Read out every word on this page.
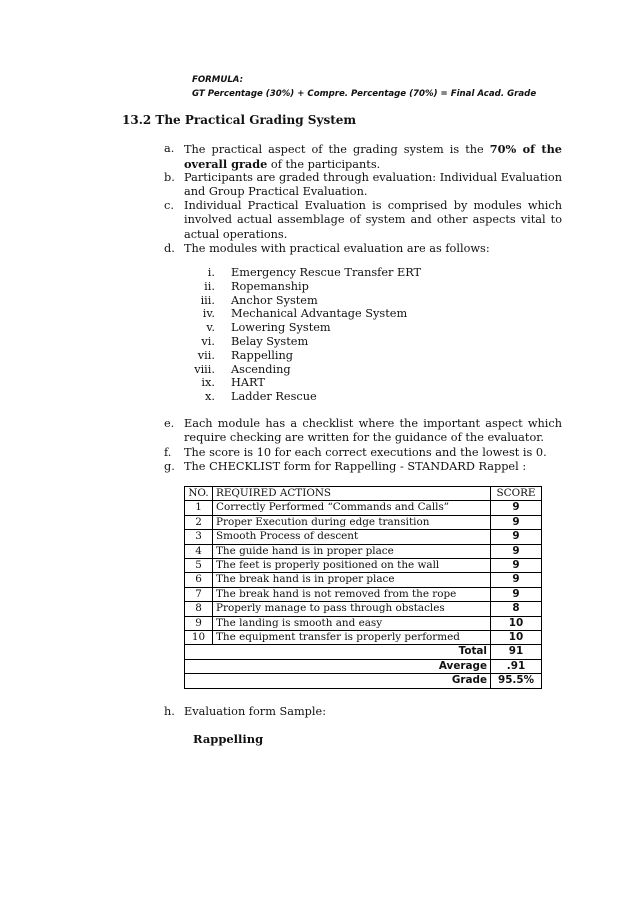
FORMULA:
GT Percentage (30%) + Compre. Percentage (70%) = Final Acad. Grade
13.2 The Practical Grading System
a. The practical aspect of the grading system is the 70% of the overall grade of the participants.
b. Participants are graded through evaluation: Individual Evaluation and Group Practical Evaluation.
c. Individual Practical Evaluation is comprised by modules which involved actual assemblage of system and other aspects vital to actual operations.
d. The modules with practical evaluation are as follows:
i. Emergency Rescue Transfer ERT
ii. Ropemanship
iii. Anchor System
iv. Mechanical Advantage System
v. Lowering System
vi. Belay System
vii. Rappelling
viii. Ascending
ix. HART
x. Ladder Rescue
e. Each module has a checklist where the important aspect which require checking are written for the guidance of the evaluator.
f.	The score is 10 for each correct executions and the lowest is 0.
g. The CHECKLIST form for Rappelling - STANDARD Rappel :
NO.	REQUIRED ACTIONS	SCORE
1	Correctly Performed “Commands and Calls”	9
2	Proper Execution during edge transition	9
3	Smooth Process of descent	9
4	The guide hand is in proper place	9
5	The feet is properly positioned on the wall	9
6	The break hand is in proper place	9
7	The break hand is not removed from the rope	9
8	Properly manage to pass through obstacles	8
9	The landing is smooth and easy	10
10	The equipment transfer is properly performed	10
Total		91
Average		.91
Grade		95.5%
h. Evaluation form Sample:
Rappelling
